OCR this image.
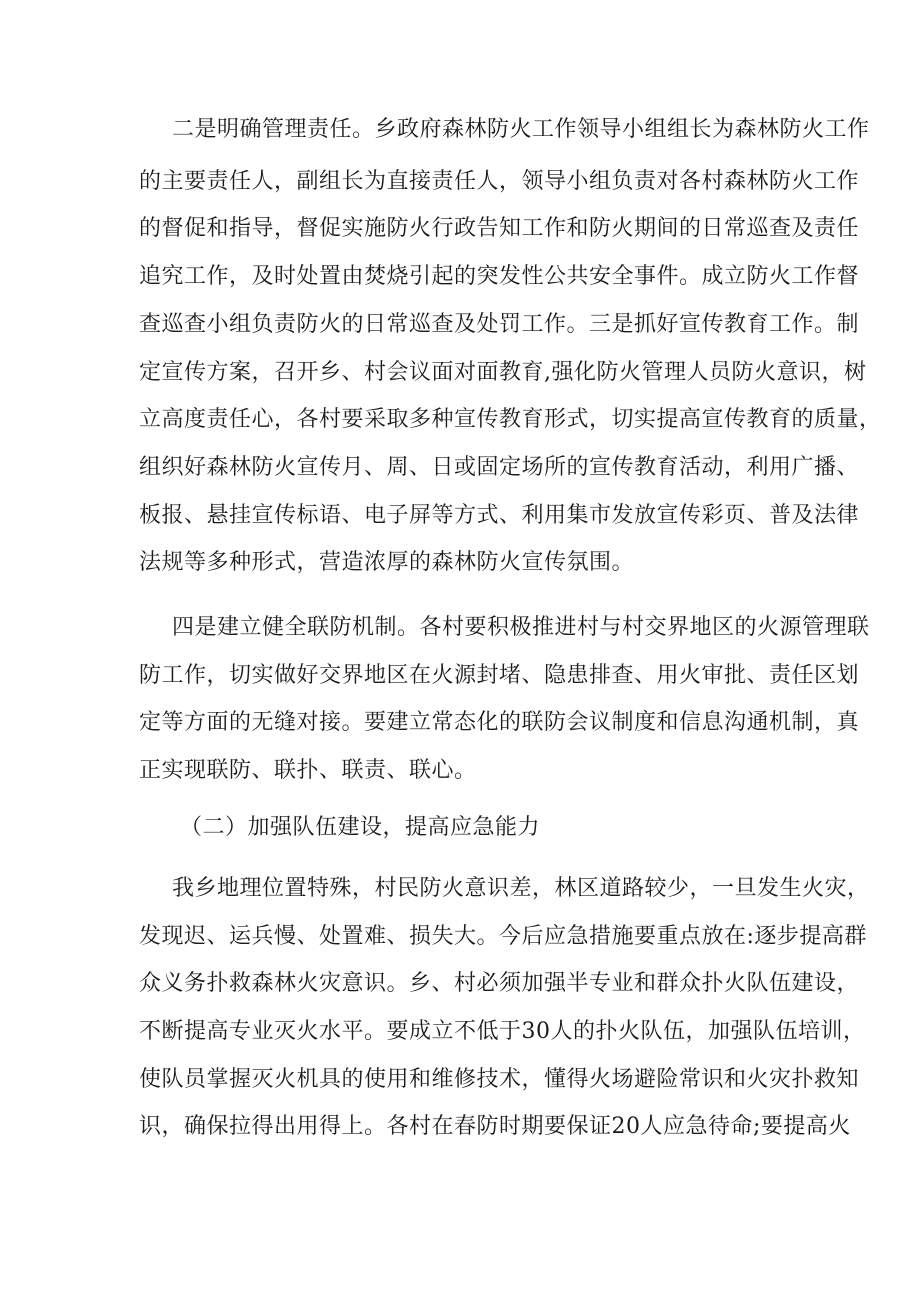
二是明确管理责任。乡政府森林防火工作领导小组组长为森林防火工作
的主要责任人，副组长为直接责任人，领导小组负责对各村森林防火工作
的督促和指导，督促实施防火行政告知工作和防火期间的日常巡查及责任
追究工作，及时处置由焚烧引起的突发性公共安全事件。成立防火工作督
查巡查小组负责防火的日常巡查及处罚工作。三是抓好宣传教育工作。制
定宣传方案，召开乡、村会议面对面教育,强化防火管理人员防火意识，树
立高度责任心，各村要采取多种宣传教育形式，切实提高宣传教育的质量，
组织好森林防火宣传月、周、日或固定场所的宣传教育活动，利用广播、
板报、悬挂宣传标语、电子屏等方式、利用集市发放宣传彩页、普及法律
法规等多种形式，营造浓厚的森林防火宣传氛围。
四是建立健全联防机制。各村要积极推进村与村交界地区的火源管理联
防工作，切实做好交界地区在火源封堵、隐患排查、用火审批、责任区划
定等方面的无缝对接。要建立常态化的联防会议制度和信息沟通机制，真
正实现联防、联扑、联责、联心。
（二）加强队伍建设，提高应急能力
我乡地理位置特殊，村民防火意识差，林区道路较少，一旦发生火灾，
发现迟、运兵慢、处置难、损失大。今后应急措施要重点放在:逐步提高群
众义务扑救森林火灾意识。乡、村必须加强半专业和群众扑火队伍建设，
不断提高专业灭火水平。要成立不低于30人的扑火队伍，加强队伍培训，
使队员掌握灭火机具的使用和维修技术，懂得火场避险常识和火灾扑救知
识，确保拉得出用得上。各村在春防时期要保证20人应急待命;要提高火
